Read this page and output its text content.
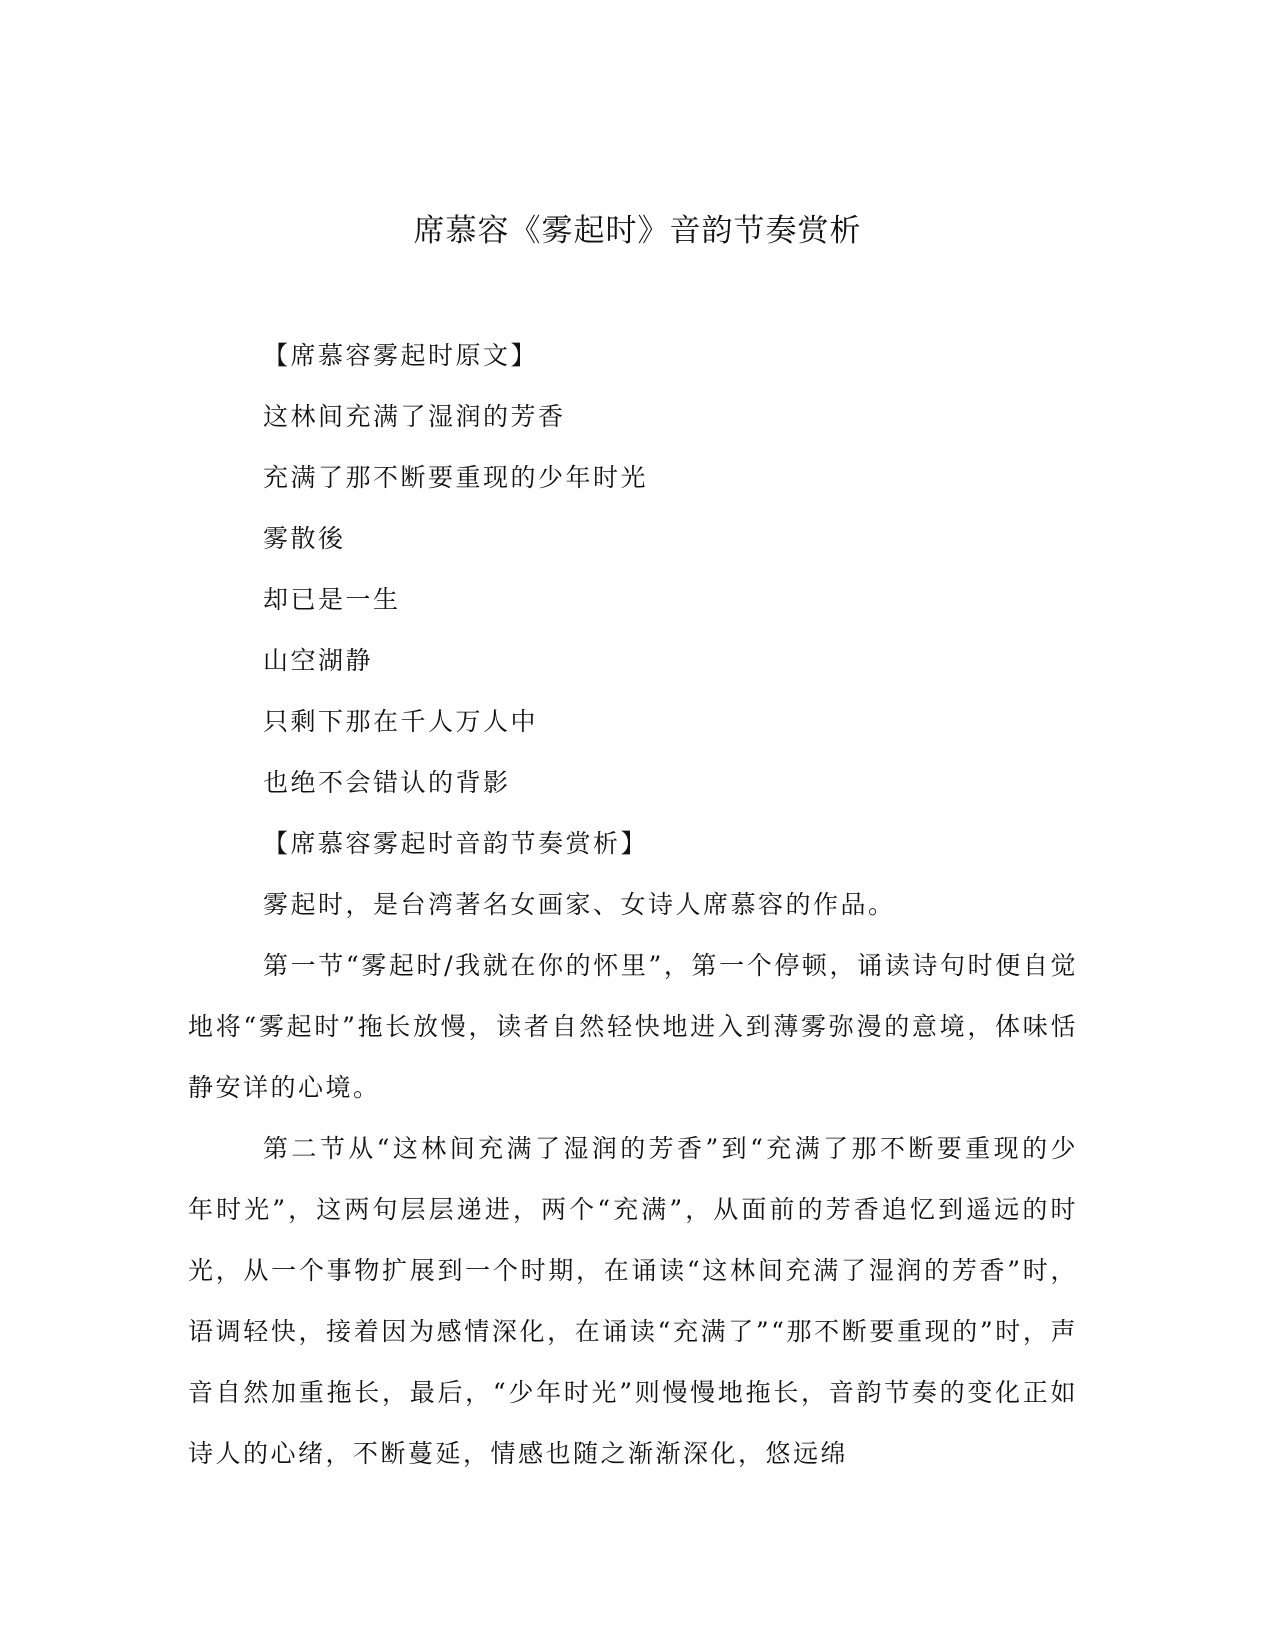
席慕容《雾起时》音韵节奏赏析

【席慕容雾起时原文】

这林间充满了湿润的芳香

充满了那不断要重现的少年时光

雾散後

却已是一生

山空湖静

只剩下那在千人万人中

也绝不会错认的背影

【席慕容雾起时音韵节奏赏析】

雾起时，是台湾著名女画家、女诗人席慕容的作品。

第一节“雾起时/我就在你的怀里”，第一个停顿，诵读诗句时便自觉地将“雾起时”拖长放慢，读者自然轻快地进入到薄雾弥漫的意境，体味恬静安详的心境。

第二节从“这林间充满了湿润的芳香”到“充满了那不断要重现的少年时光”，这两句层层递进，两个“充满”，从面前的芳香追忆到遥远的时光，从一个事物扩展到一个时期，在诵读“这林间充满了湿润的芳香”时，语调轻快，接着因为感情深化，在诵读“充满了”“那不断要重现的”时，声音自然加重拖长，最后，“少年时光”则慢慢地拖长，音韵节奏的变化正如诗人的心绪，不断蔓延，情感也随之渐渐深化，悠远绵
